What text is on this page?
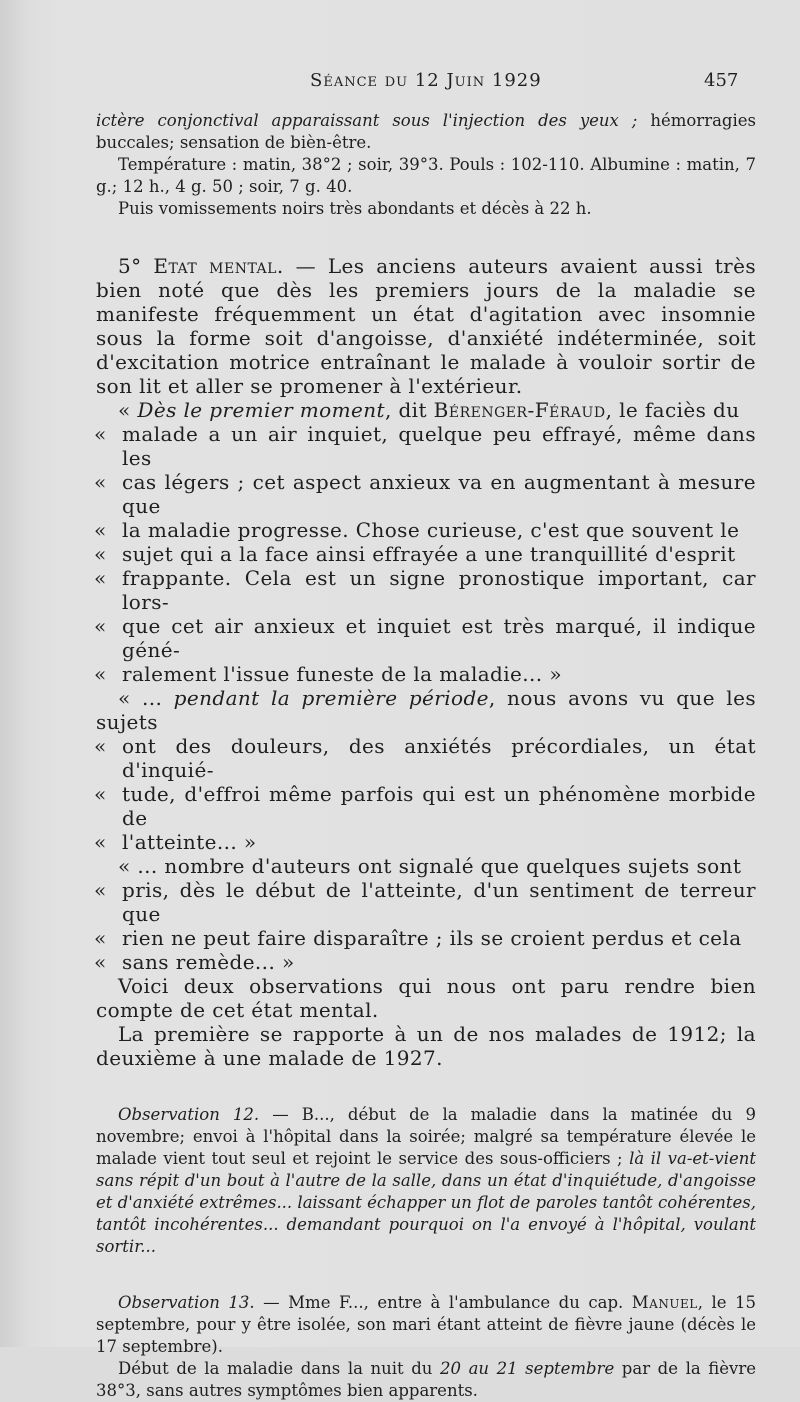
Séance du 12 Juin 1929	457

ictère conjonctival apparaissant sous l'injection des yeux ; hémorragies buccales; sensation de bièn-être.

Température : matin, 38°2 ; soir, 39°3. Pouls : 102-110. Albumine : matin, 7 g.; 12 h., 4 g. 50 ; soir, 7 g. 40.

Puis vomissements noirs très abondants et décès à 22 h.

5° Etat mental. — Les anciens auteurs avaient aussi très bien noté que dès les premiers jours de la maladie se manifeste fréquemment un état d'agitation avec insomnie sous la forme soit d'angoisse, d'anxiété indéterminée, soit d'excitation motrice entraînant le malade à vouloir sortir de son lit et aller se promener à l'extérieur.

« Dès le premier moment, dit Bérenger-Féraud, le faciès du

« malade a un air inquiet, quelque peu effrayé, même dans les

« cas légers ; cet aspect anxieux va en augmentant à mesure que

« la maladie progresse. Chose curieuse, c'est que souvent le

« sujet qui a la face ainsi effrayée a une tranquillité d'esprit

« frappante. Cela est un signe pronostique important, car lors-

« que cet air anxieux et inquiet est très marqué, il indique géné-

« ralement l'issue funeste de la maladie... »

« ... pendant la première période, nous avons vu que les sujets

« ont des douleurs, des anxiétés précordiales, un état d'inquié-

« tude, d'effroi même parfois qui est un phénomène morbide de

« l'atteinte... »

« ... nombre d'auteurs ont signalé que quelques sujets sont

« pris, dès le début de l'atteinte, d'un sentiment de terreur que

« rien ne peut faire disparaître ; ils se croient perdus et cela

« sans remède... »

Voici deux observations qui nous ont paru rendre bien compte de cet état mental.

La première se rapporte à un de nos malades de 1912; la deuxième à une malade de 1927.

Observation 12. — B..., début de la maladie dans la matinée du 9 novembre; envoi à l'hôpital dans la soirée; malgré sa température élevée le malade vient tout seul et rejoint le service des sous-officiers ; là il va-et-vient sans répit d'un bout à l'autre de la salle, dans un état d'inquiétude, d'angoisse et d'anxiété extrêmes... laissant échapper un flot de paroles tantôt cohérentes, tantôt incohérentes... demandant pourquoi on l'a envoyé à l'hôpital, voulant sortir...

Observation 13. — Mme F..., entre à l'ambulance du cap. Manuel, le 15 septembre, pour y être isolée, son mari étant atteint de fièvre jaune (décès le 17 septembre).

Début de la maladie dans la nuit du 20 au 21 septembre par de la fièvre 38°3, sans autres symptômes bien apparents.
